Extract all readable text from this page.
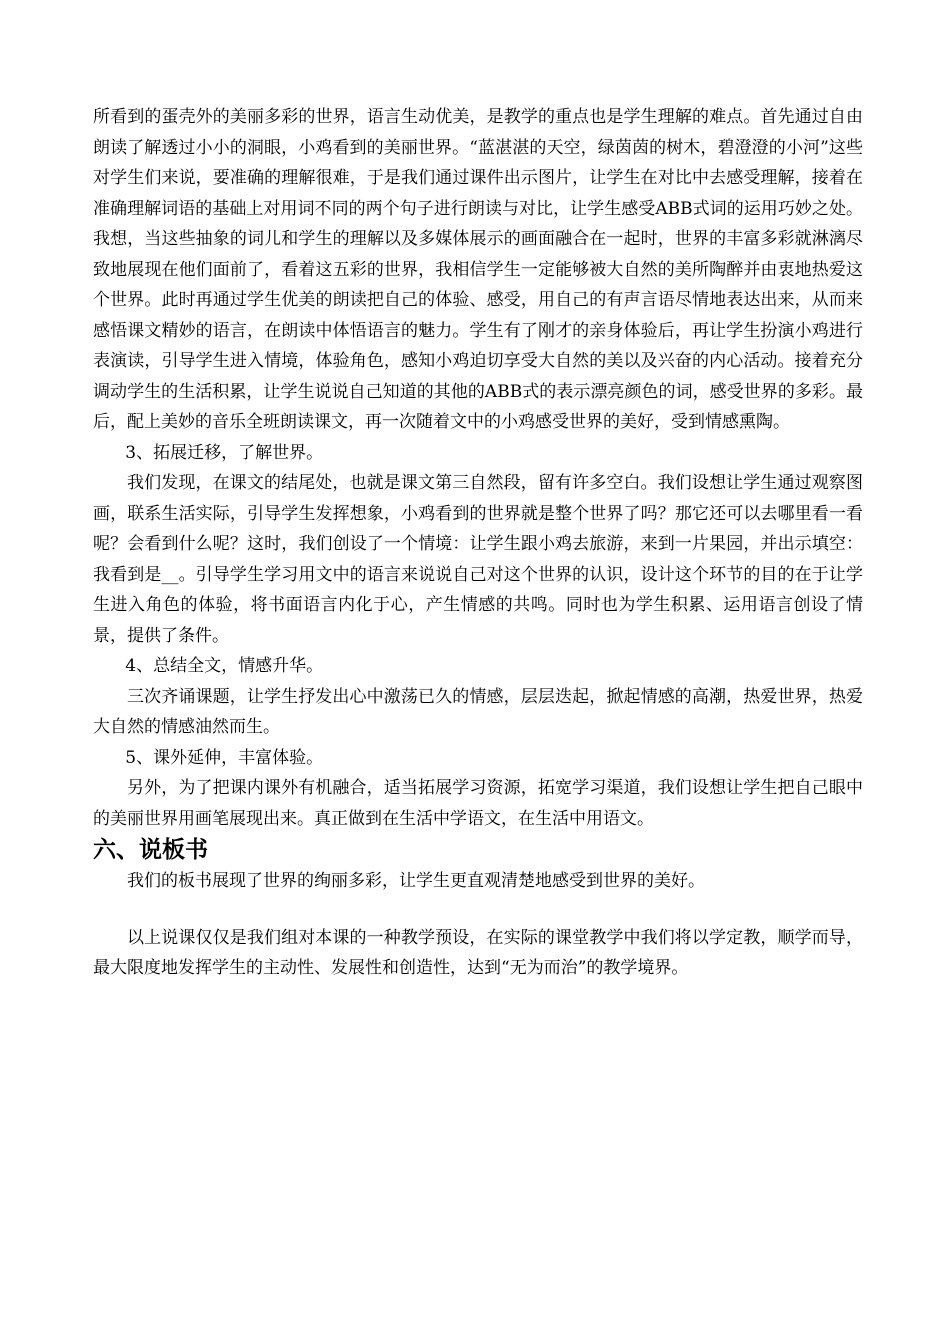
所看到的蛋壳外的美丽多彩的世界，语言生动优美，是教学的重点也是学生理解的难点。首先通过自由朗读了解透过小小的洞眼，小鸡看到的美丽世界。“蓝湛湛的天空，绿茵茵的树木，碧澄澄的小河”这些对学生们来说，要准确的理解很难，于是我们通过课件出示图片，让学生在对比中去感受理解，接着在准确理解词语的基础上对用词不同的两个句子进行朗读与对比，让学生感受ABB式词的运用巧妙之处。我想，当这些抽象的词儿和学生的理解以及多媒体展示的画面融合在一起时，世界的丰富多彩就淋漓尽致地展现在他们面前了，看着这五彩的世界，我相信学生一定能够被大自然的美所陶醉并由衷地热爱这个世界。此时再通过学生优美的朗读把自己的体验、感受，用自己的有声言语尽情地表达出来，从而来感悟课文精妙的语言，在朗读中体悟语言的魅力。学生有了刚才的亲身体验后，再让学生扮演小鸡进行表演读，引导学生进入情境，体验角色，感知小鸡迫切享受大自然的美以及兴奋的内心活动。接着充分调动学生的生活积累，让学生说说自己知道的其他的ABB式的表示漂亮颜色的词，感受世界的多彩。最后，配上美妙的音乐全班朗读课文，再一次随着文中的小鸡感受世界的美好，受到情感熏陶。

3、拓展迁移，了解世界。

我们发现，在课文的结尾处，也就是课文第三自然段，留有许多空白。我们设想让学生通过观察图画，联系生活实际，引导学生发挥想象，小鸡看到的世界就是整个世界了吗？那它还可以去哪里看一看呢？会看到什么呢？这时，我们创设了一个情境：让学生跟小鸡去旅游，来到一片果园，并出示填空：我看到是__。引导学生学习用文中的语言来说说自己对这个世界的认识，设计这个环节的目的在于让学生进入角色的体验，将书面语言内化于心，产生情感的共鸣。同时也为学生积累、运用语言创设了情景，提供了条件。

4、总结全文，情感升华。

三次齐诵课题，让学生抒发出心中激荡已久的情感，层层迭起，掀起情感的高潮，热爱世界，热爱大自然的情感油然而生。

5、课外延伸，丰富体验。

另外，为了把课内课外有机融合，适当拓展学习资源，拓宽学习渠道，我们设想让学生把自己眼中的美丽世界用画笔展现出来。真正做到在生活中学语文，在生活中用语文。

六、说板书

我们的板书展现了世界的绚丽多彩，让学生更直观清楚地感受到世界的美好。

以上说课仅仅是我们组对本课的一种教学预设，在实际的课堂教学中我们将以学定教，顺学而导，最大限度地发挥学生的主动性、发展性和创造性，达到“无为而治”的教学境界。
